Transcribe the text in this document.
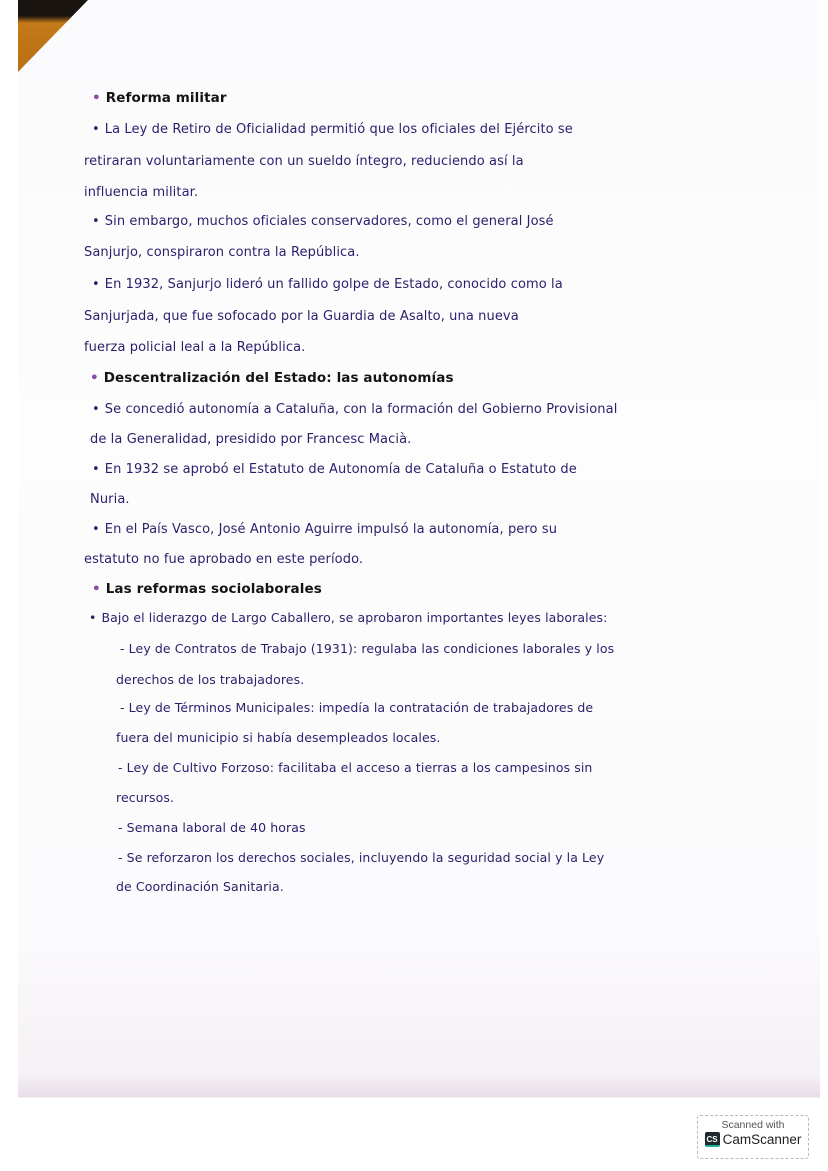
• Reforma militar
• La Ley de Retiro de Oficialidad permitió que los oficiales del Ejército se
retiraran voluntariamente con un sueldo íntegro, reduciendo así la
influencia militar.
• Sin embargo, muchos oficiales conservadores, como el general José
Sanjurjo, conspiraron contra la República.
• En 1932, Sanjurjo lideró un fallido golpe de Estado, conocido como la
Sanjurjada, que fue sofocado por la Guardia de Asalto, una nueva
fuerza policial leal a la República.
• Descentralización del Estado: las autonomías
• Se concedió autonomía a Cataluña, con la formación del Gobierno Provisional
de la Generalidad, presidido por Francesc Macià.
• En 1932 se aprobó el Estatuto de Autonomía de Cataluña o Estatuto de
Nuria.
• En el País Vasco, José Antonio Aguirre impulsó la autonomía, pero su
estatuto no fue aprobado en este período.
• Las reformas sociolaborales
• Bajo el liderazgo de Largo Caballero, se aprobaron importantes leyes laborales:
- Ley de Contratos de Trabajo (1931): regulaba las condiciones laborales y los
derechos de los trabajadores.
- Ley de Términos Municipales: impedía la contratación de trabajadores de
fuera del municipio si había desempleados locales.
- Ley de Cultivo Forzoso: facilitaba el acceso a tierras a los campesinos sin
recursos.
- Semana laboral de 40 horas
- Se reforzaron los derechos sociales, incluyendo la seguridad social y la Ley
de Coordinación Sanitaria.
Scanned with
CS CamScanner
